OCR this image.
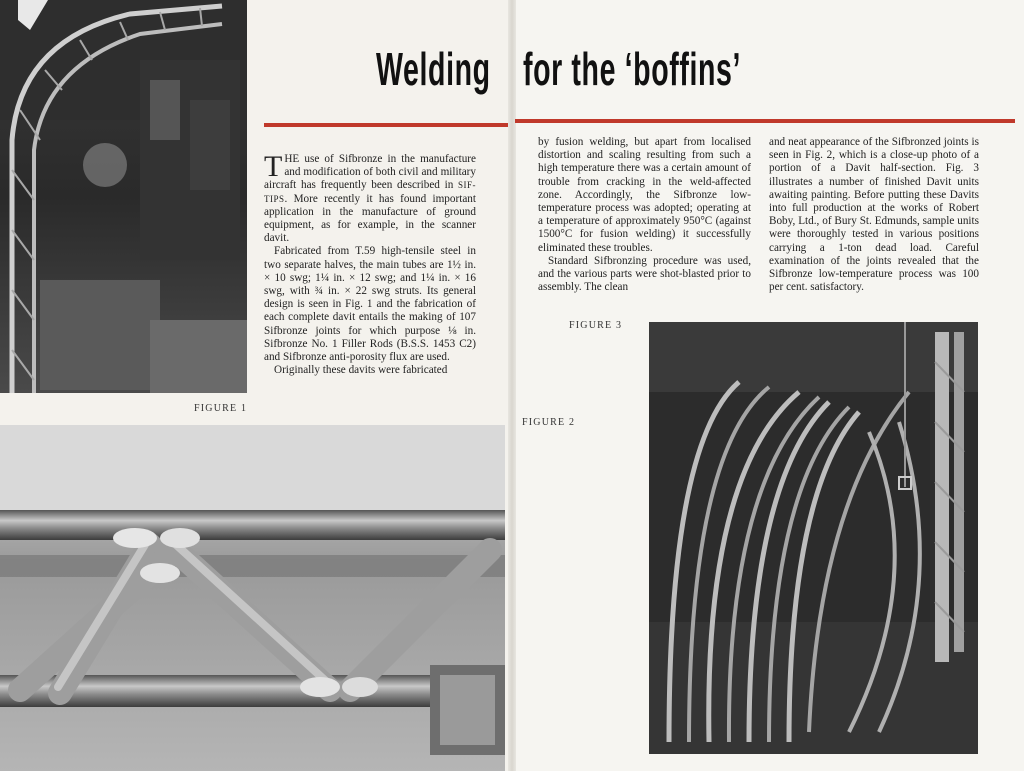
Welding for the ‘boffins’

THE use of Sifbronze in the manufacture and modification of both civil and military aircraft has frequently been described in SIF-TIPS. More recently it has found important application in the manufacture of ground equipment, as for example, in the scanner davit.

Fabricated from T.59 high-tensile steel in two separate halves, the main tubes are 1½ in. × 10 swg; 1¼ in. × 12 swg; and 1¼ in. × 16 swg, with ¾ in. × 22 swg struts. Its general design is seen in Fig. 1 and the fabrication of each complete davit entails the making of 107 Sifbronze joints for which purpose ⅛ in. Sifbronze No. 1 Filler Rods (B.S.S. 1453 C2) and Sifbronze anti-porosity flux are used.

Originally these davits were fabricated

by fusion welding, but apart from localised distortion and scaling resulting from such a high temperature there was a certain amount of trouble from cracking in the weld-affected zone. Accordingly, the Sifbronze low-temperature process was adopted; operating at a temperature of approximately 950°C (against 1500°C for fusion welding) it successfully eliminated these troubles.

Standard Sifbronzing procedure was used, and the various parts were shot-blasted prior to assembly. The clean

and neat appearance of the Sifbronzed joints is seen in Fig. 2, which is a close-up photo of a portion of a Davit half-section. Fig. 3 illustrates a number of finished Davit units awaiting painting. Before putting these Davits into full production at the works of Robert Boby, Ltd., of Bury St. Edmunds, sample units were thoroughly tested in various positions carrying a 1-ton dead load. Careful examination of the joints revealed that the Sifbronze low-temperature process was 100 per cent. satisfactory.

FIGURE 1
FIGURE 2
FIGURE 3
